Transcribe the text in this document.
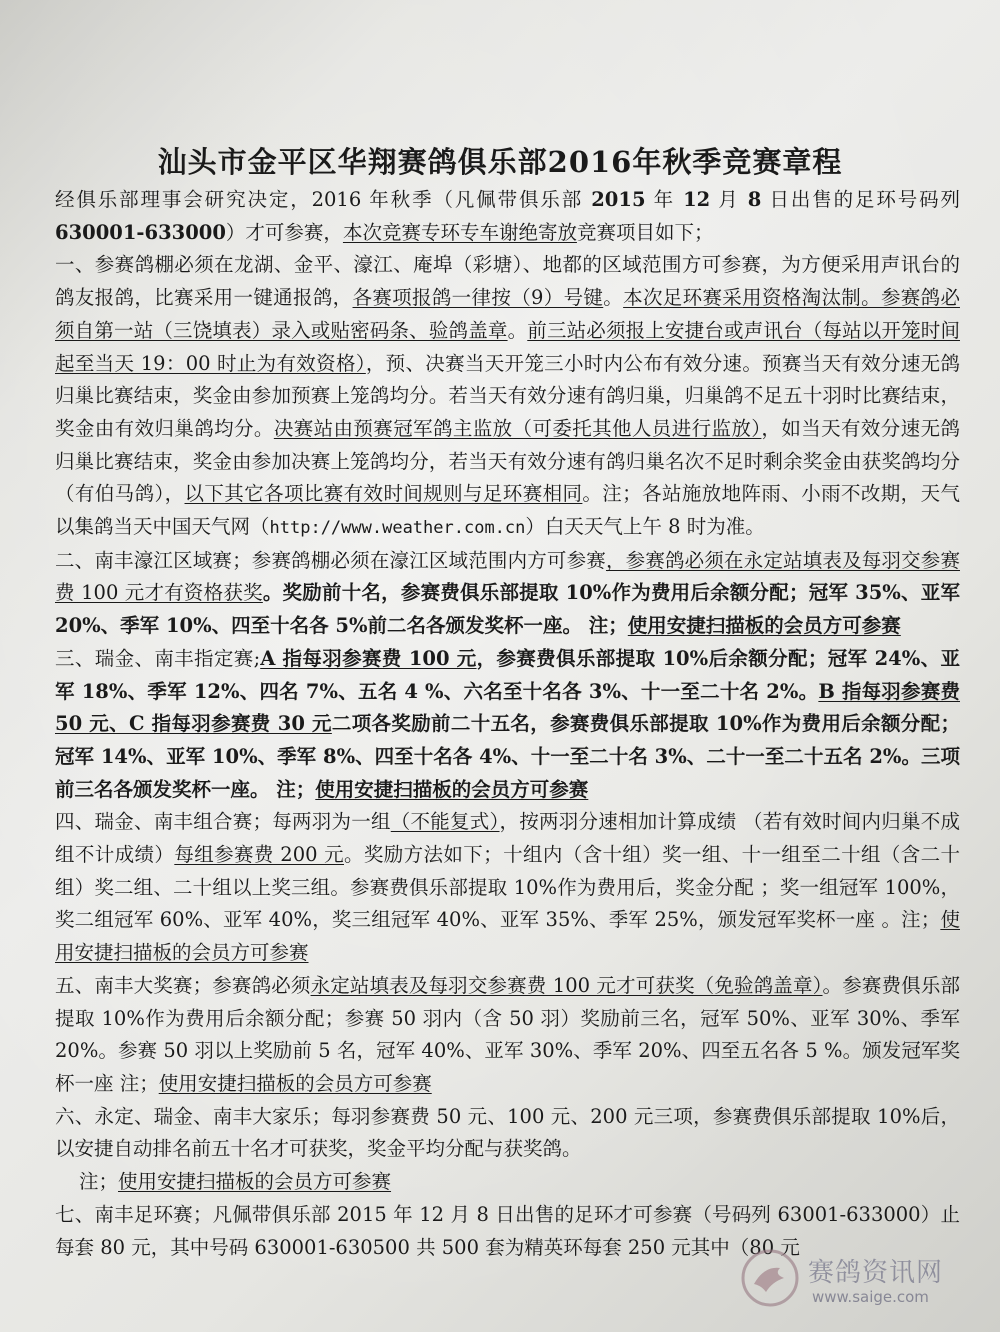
汕头市金平区华翔赛鸽俱乐部2016年秋季竞赛章程

经俱乐部理事会研究决定，2016 年秋季（凡佩带俱乐部 2015 年 12 月 8 日出售的足环号码列630001-633000）才可参赛，本次竞赛专环专车谢绝寄放竞赛项目如下；

一、参赛鸽棚必须在龙湖、金平、濠江、庵埠（彩塘）、地都的区域范围方可参赛，为方便采用声讯台的鸽友报鸽，比赛采用一键通报鸽，各赛项报鸽一律按（9）号键。本次足环赛采用资格淘汰制。参赛鸽必须自第一站（三饶填表）录入或贴密码条、验鸽盖章。前三站必须报上安捷台或声讯台（每站以开笼时间起至当天 19：00 时止为有效资格），预、决赛当天开笼三小时内公布有效分速。预赛当天有效分速无鸽归巢比赛结束，奖金由参加预赛上笼鸽均分。若当天有效分速有鸽归巢，归巢鸽不足五十羽时比赛结束，奖金由有效归巢鸽均分。决赛站由预赛冠军鸽主监放（可委托其他人员进行监放），如当天有效分速无鸽归巢比赛结束，奖金由参加决赛上笼鸽均分，若当天有效分速有鸽归巢名次不足时剩余奖金由获奖鸽均分（有伯马鸽），以下其它各项比赛有效时间规则与足环赛相同。注；各站施放地阵雨、小雨不改期，天气以集鸽当天中国天气网（http://www.weather.com.cn）白天天气上午 8 时为准。

二、南丰濠江区域赛；参赛鸽棚必须在濠江区域范围内方可参赛，参赛鸽必须在永定站填表及每羽交参赛费 100 元才有资格获奖。奖励前十名，参赛费俱乐部提取 10%作为费用后余额分配；冠军 35%、亚军 20%、季军 10%、四至十名各 5%前二名各颁发奖杯一座。 注；使用安捷扫描板的会员方可参赛

三、瑞金、南丰指定赛;A 指每羽参赛费 100 元，参赛费俱乐部提取 10%后余额分配；冠军 24%、亚军 18%、季军 12%、四名 7%、五名 4 %、六名至十名各 3%、十一至二十名 2%。B 指每羽参赛费 50 元、C 指每羽参赛费 30 元二项各奖励前二十五名，参赛费俱乐部提取 10%作为费用后余额分配；冠军 14%、亚军 10%、季军 8%、四至十名各 4%、十一至二十名 3%、二十一至二十五名 2%。三项前三名各颁发奖杯一座。 注；使用安捷扫描板的会员方可参赛

四、瑞金、南丰组合赛；每两羽为一组（不能复式），按两羽分速相加计算成绩 （若有效时间内归巢不成组不计成绩）每组参赛费 200 元。奖励方法如下；十组内（含十组）奖一组、十一组至二十组（含二十组）奖二组、二十组以上奖三组。参赛费俱乐部提取 10%作为费用后，奖金分配 ；奖一组冠军 100%，奖二组冠军 60%、亚军 40%，奖三组冠军 40%、亚军 35%、季军 25%，颁发冠军奖杯一座 。注；使用安捷扫描板的会员方可参赛

五、南丰大奖赛；参赛鸽必须永定站填表及每羽交参赛费 100 元才可获奖（免验鸽盖章）。参赛费俱乐部提取 10%作为费用后余额分配；参赛 50 羽内（含 50 羽）奖励前三名，冠军 50%、亚军 30%、季军 20%。参赛 50 羽以上奖励前 5 名，冠军 40%、亚军 30%、季军 20%、四至五名各 5 %。颁发冠军奖杯一座 注；使用安捷扫描板的会员方可参赛

六、永定、瑞金、南丰大家乐；每羽参赛费 50 元、100 元、200 元三项，参赛费俱乐部提取 10%后，以安捷自动排名前五十名才可获奖，奖金平均分配与获奖鸽。

注；使用安捷扫描板的会员方可参赛

七、南丰足环赛；凡佩带俱乐部 2015 年 12 月 8 日出售的足环才可参赛（号码列 63001-633000）止每套 80 元，其中号码 630001-630500 共 500 套为精英环每套 250 元其中（80 元

赛鸽资讯网
www.saige.com
